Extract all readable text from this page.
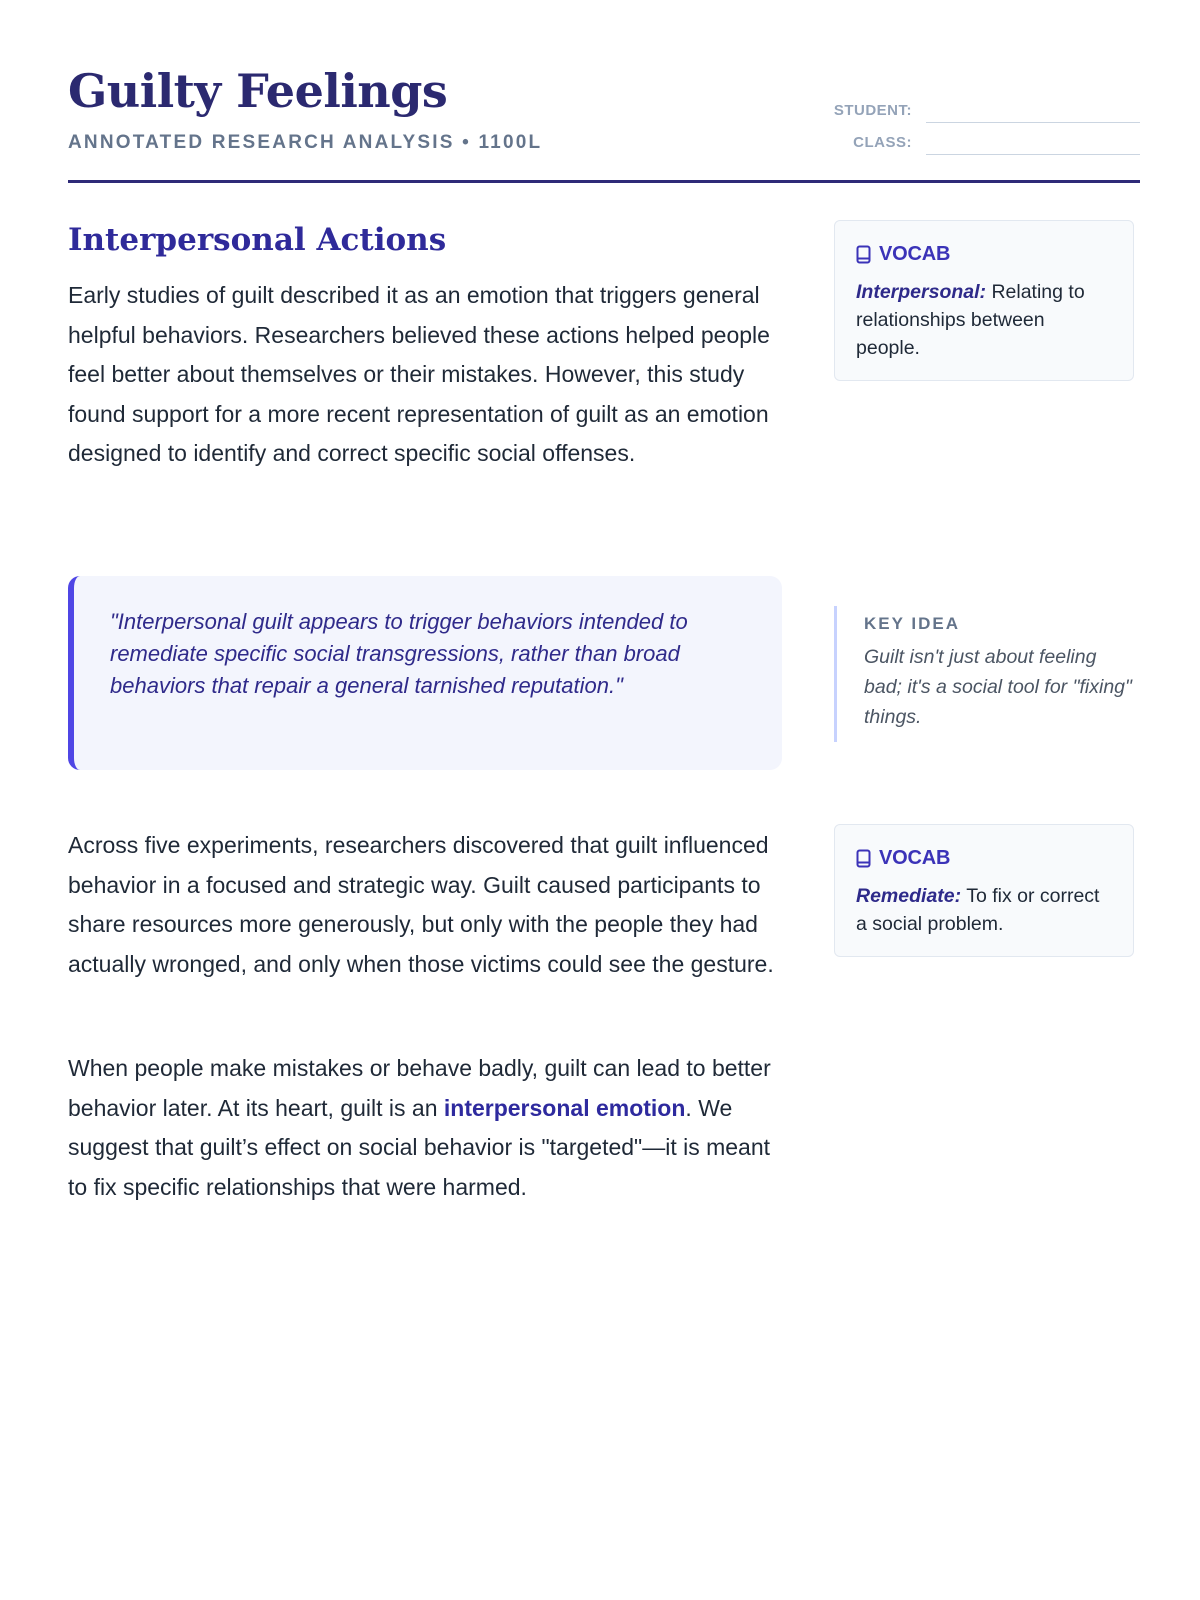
Guilty Feelings
ANNOTATED RESEARCH ANALYSIS • 1100L
STUDENT:
CLASS:
Interpersonal Actions

Early studies of guilt described it as an emotion that triggers general helpful behaviors. Researchers believed these actions helped people feel better about themselves or their mistakes. However, this study found support for a more recent representation of guilt as an emotion designed to identify and correct specific social offenses.

"Interpersonal guilt appears to trigger behaviors intended to remediate specific social transgressions, rather than broad behaviors that repair a general tarnished reputation."

Across five experiments, researchers discovered that guilt influenced behavior in a focused and strategic way. Guilt caused participants to share resources more generously, but only with the people they had actually wronged, and only when those victims could see the gesture.

When people make mistakes or behave badly, guilt can lead to better behavior later. At its heart, guilt is an interpersonal emotion. We suggest that guilt’s effect on social behavior is "targeted"—it is meant to fix specific relationships that were harmed.

VOCAB
Interpersonal: Relating to relationships between people.
KEY IDEA
Guilt isn't just about feeling bad; it's a social tool for "fixing" things.
VOCAB
Remediate: To fix or correct a social problem.
